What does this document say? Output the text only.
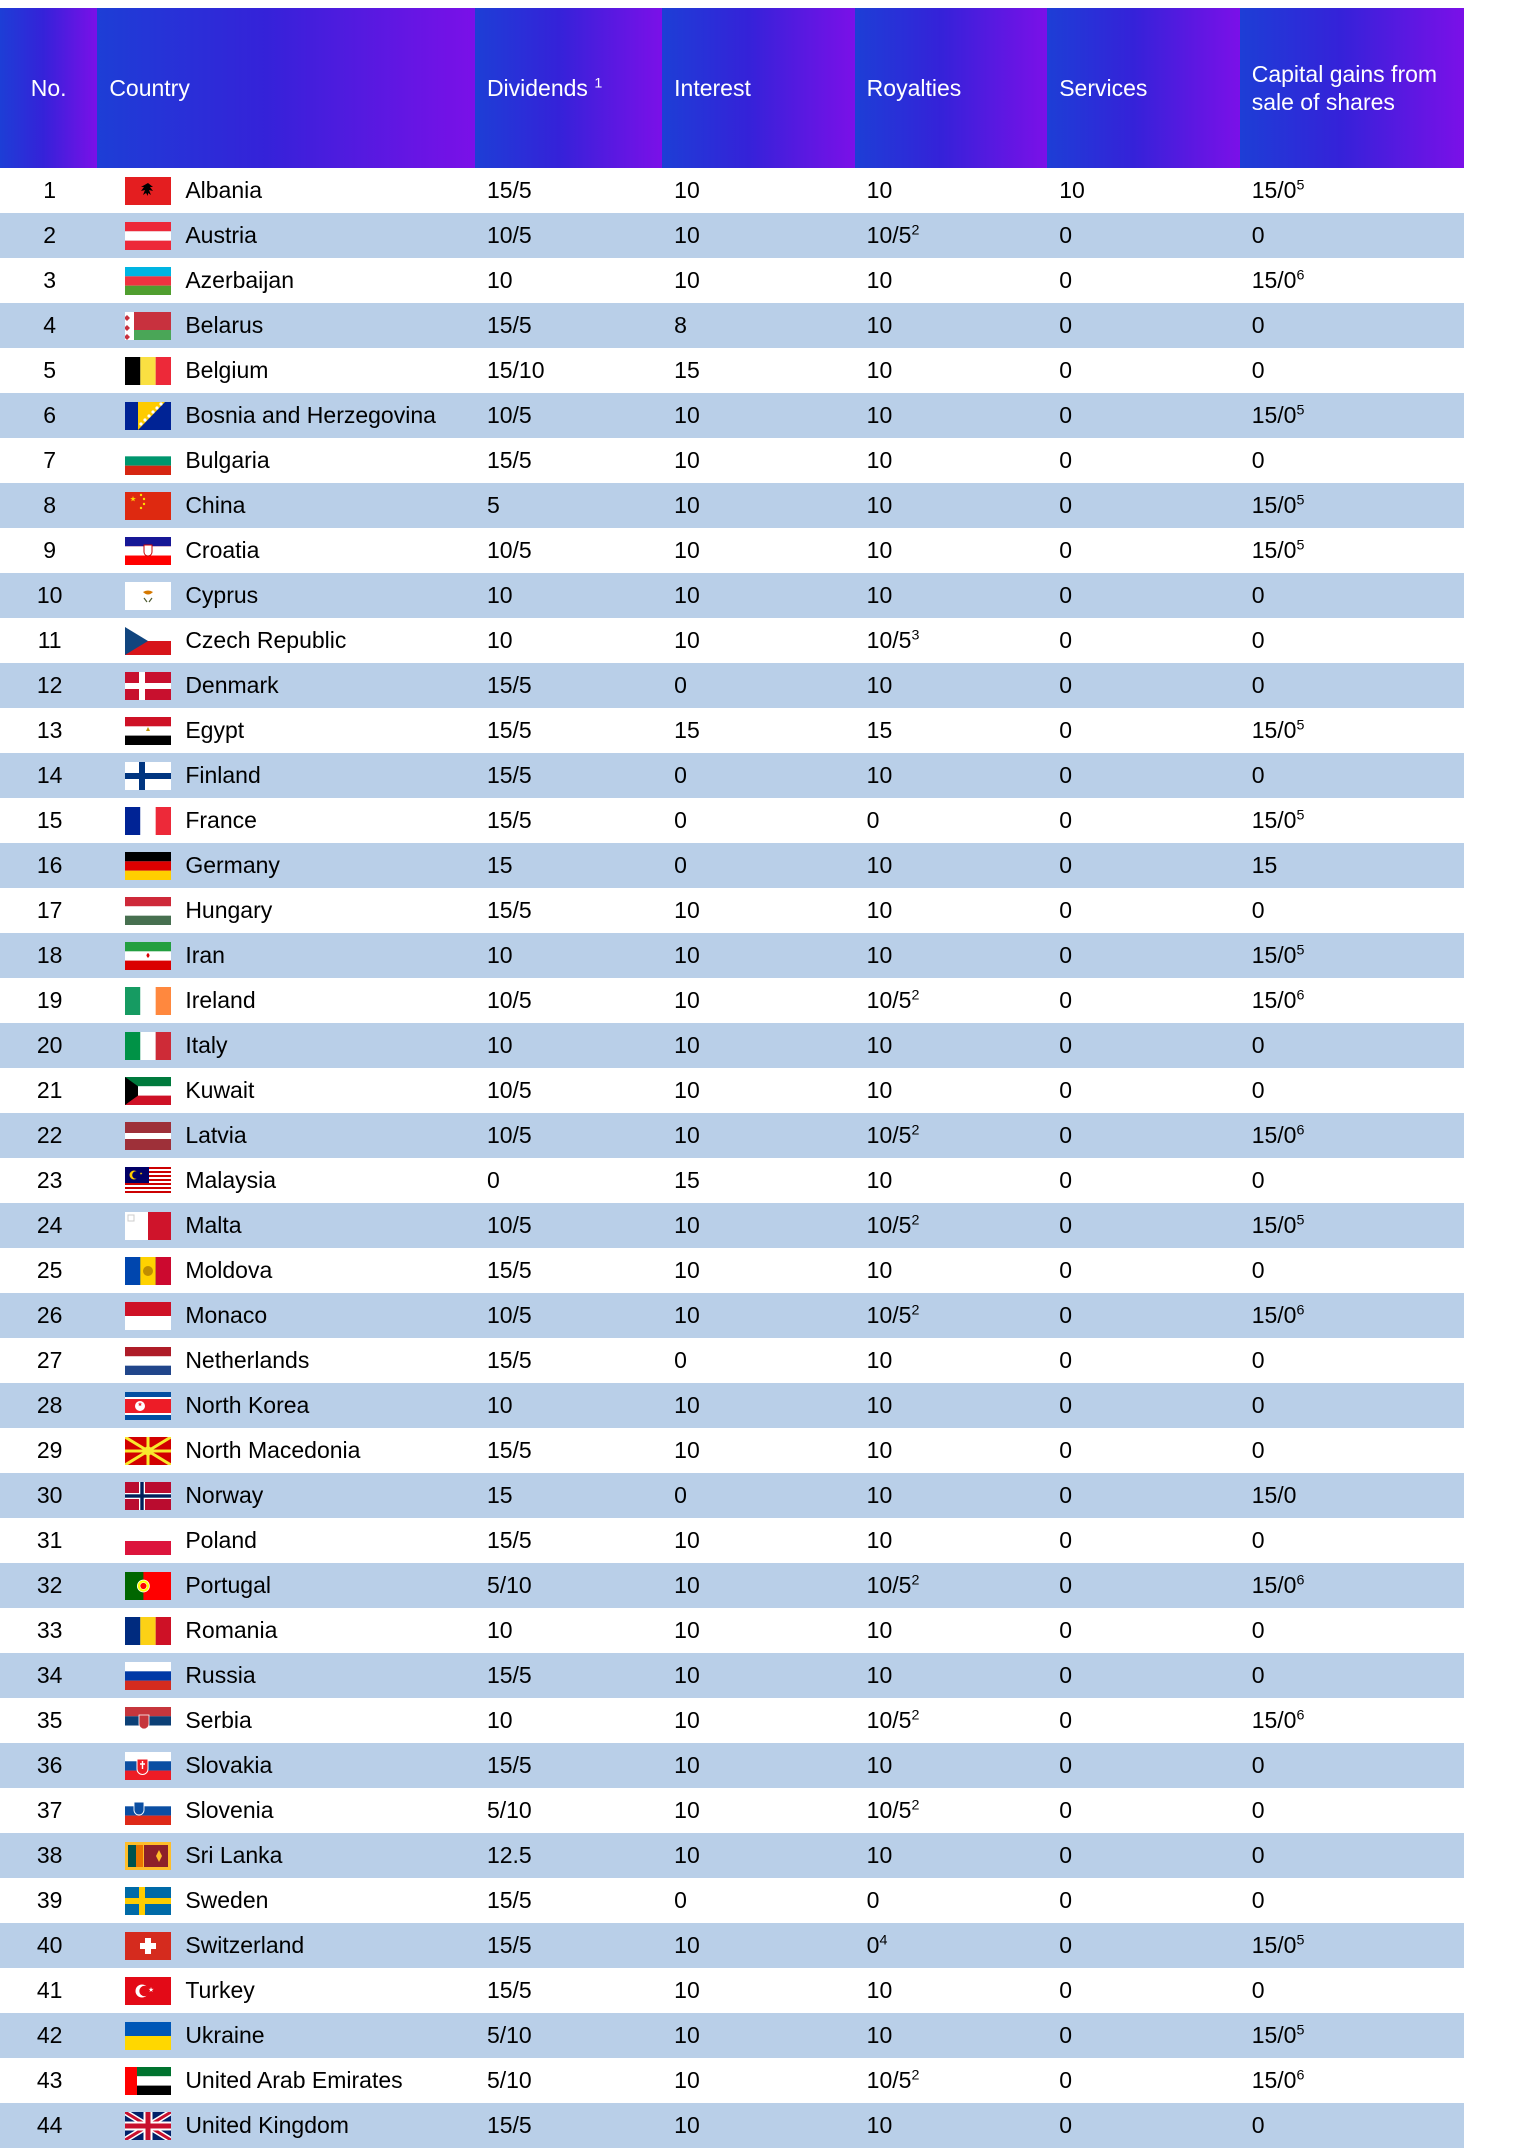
No.	Country	Dividends $^1$	Interest	Royalties	Services	Capital gains from sale of shares
1	Albania	15/5	10	10	10	$15/0^5$
2	Austria	10/5	10	$10/5^2$	0	0
3	Azerbaijan	10	10	10	0	$15/0^6$
4	Belarus	15/5	8	10	0	0
5	Belgium	15/10	15	10	0	0
6	Bosnia and Herzegovina	10/5	10	10	0	$15/0^5$
7	Bulgaria	15/5	10	10	0	0
8	China	5	10	10	0	$15/0^5$
9	Croatia	10/5	10	10	0	$15/0^5$
10	Cyprus	10	10	10	0	0
11	Czech Republic	10	10	$10/5^3$	0	0
12	Denmark	15/5	0	10	0	0
13	Egypt	15/5	15	15	0	$15/0^5$
14	Finland	15/5	0	10	0	0
15	France	15/5	0	0	0	$15/0^5$
16	Germany	15	0	10	0	15
17	Hungary	15/5	10	10	0	0
18	Iran	10	10	10	0	$15/0^5$
19	Ireland	10/5	10	$10/5^2$	0	$15/0^6$
20	Italy	10	10	10	0	0
21	Kuwait	10/5	10	10	0	0
22	Latvia	10/5	10	$10/5^2$	0	$15/0^6$
23	Malaysia	0	15	10	0	0
24	Malta	10/5	10	$10/5^2$	0	$15/0^5$
25	Moldova	15/5	10	10	0	0
26	Monaco	10/5	10	$10/5^2$	0	$15/0^6$
27	Netherlands	15/5	0	10	0	0
28	North Korea	10	10	10	0	0
29	North Macedonia	15/5	10	10	0	0
30	Norway	15	0	10	0	15/0
31	Poland	15/5	10	10	0	0
32	Portugal	5/10	10	$10/5^2$	0	$15/0^6$
33	Romania	10	10	10	0	0
34	Russia	15/5	10	10	0	0
35	Serbia	10	10	$10/5^2$	0	$15/0^6$
36	Slovakia	15/5	10	10	0	0
37	Slovenia	5/10	10	$10/5^2$	0	0
38	Sri Lanka	12.5	10	10	0	0
39	Sweden	15/5	0	0	0	0
40	Switzerland	15/5	10	$0^4$	0	$15/0^5$
41	Turkey	15/5	10	10	0	0
42	Ukraine	5/10	10	10	0	$15/0^5$
43	United Arab Emirates	5/10	10	$10/5^2$	0	$15/0^6$
44	United Kingdom	15/5	10	10	0	0
